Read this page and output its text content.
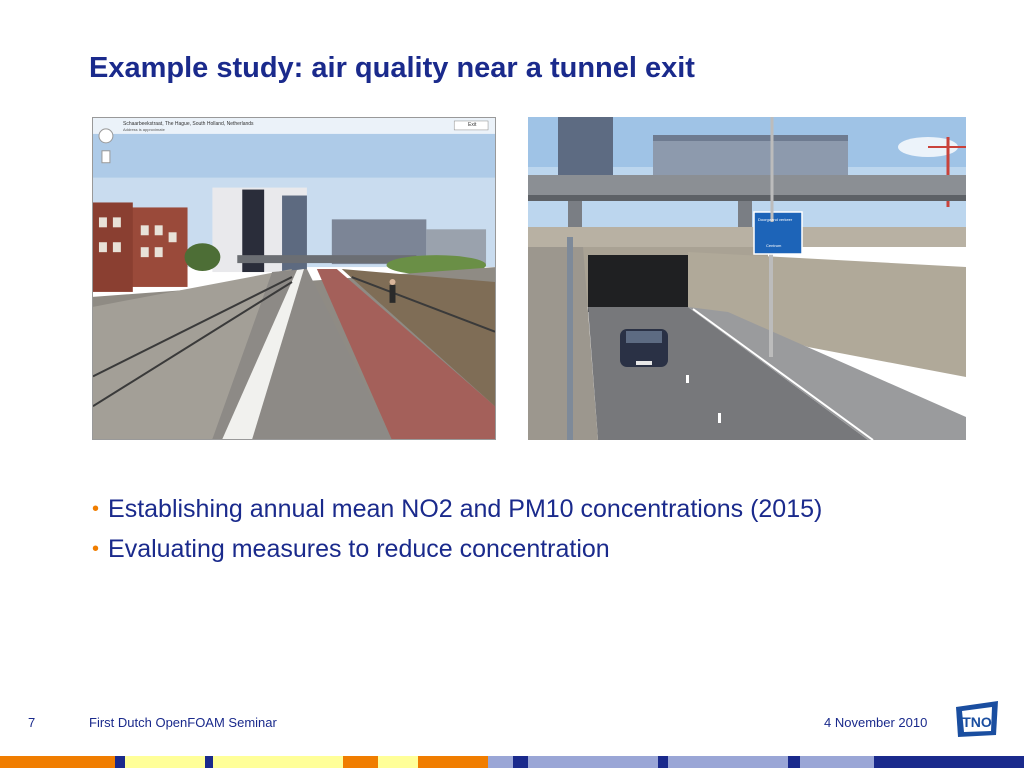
Example study: air quality near a tunnel exit
Schaarbeekstraat, The Hague, South Holland, Netherlands
Address is approximate
Exit
Doorgaand verkeer
Centrum
• Establishing annual mean NO2 and PM10 concentrations (2015)
• Evaluating measures to reduce concentration
7	First Dutch OpenFOAM Seminar	4 November 2010 TNO
